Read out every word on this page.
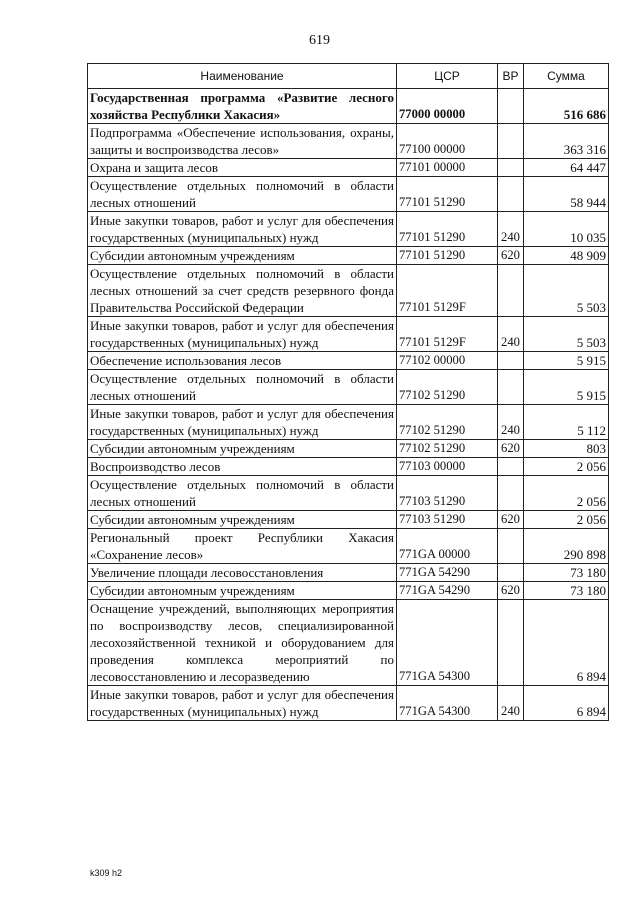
619
Наименование	ЦСР	ВР	Сумма
Государственная программа «Развитие лесного хозяйства Республики Хакасия»	77000 00000		516 686
Подпрограмма «Обеспечение использования, охраны, защиты и воспроизводства лесов»	77100 00000		363 316
Охрана и защита лесов	77101 00000		64 447
Осуществление отдельных полномочий в области лесных отношений	77101 51290		58 944
Иные закупки товаров, работ и услуг для обеспечения государственных (муниципальных) нужд	77101 51290	240	10 035
Субсидии автономным учреждениям	77101 51290	620	48 909
Осуществление отдельных полномочий в области лесных отношений за счет средств резервного фонда Правительства Российской Федерации	77101 5129F		5 503
Иные закупки товаров, работ и услуг для обеспечения государственных (муниципальных) нужд	77101 5129F	240	5 503
Обеспечение использования лесов	77102 00000		5 915
Осуществление отдельных полномочий в области лесных отношений	77102 51290		5 915
Иные закупки товаров, работ и услуг для обеспечения государственных (муниципальных) нужд	77102 51290	240	5 112
Субсидии автономным учреждениям	77102 51290	620	803
Воспроизводство лесов	77103 00000		2 056
Осуществление отдельных полномочий в области лесных отношений	77103 51290		2 056
Субсидии автономным учреждениям	77103 51290	620	2 056
Региональный проект Республики Хакасия «Сохранение лесов»	771GA 00000		290 898
Увеличение площади лесовосстановления	771GA 54290		73 180
Субсидии автономным учреждениям	771GA 54290	620	73 180
Оснащение учреждений, выполняющих мероприятия по воспроизводству лесов, специализированной лесохозяйственной техникой и оборудованием для проведения комплекса мероприятий по лесовосстановлению и лесоразведению	771GA 54300		6 894
Иные закупки товаров, работ и услуг для обеспечения государственных (муниципальных) нужд	771GA 54300	240	6 894
k309 h2
